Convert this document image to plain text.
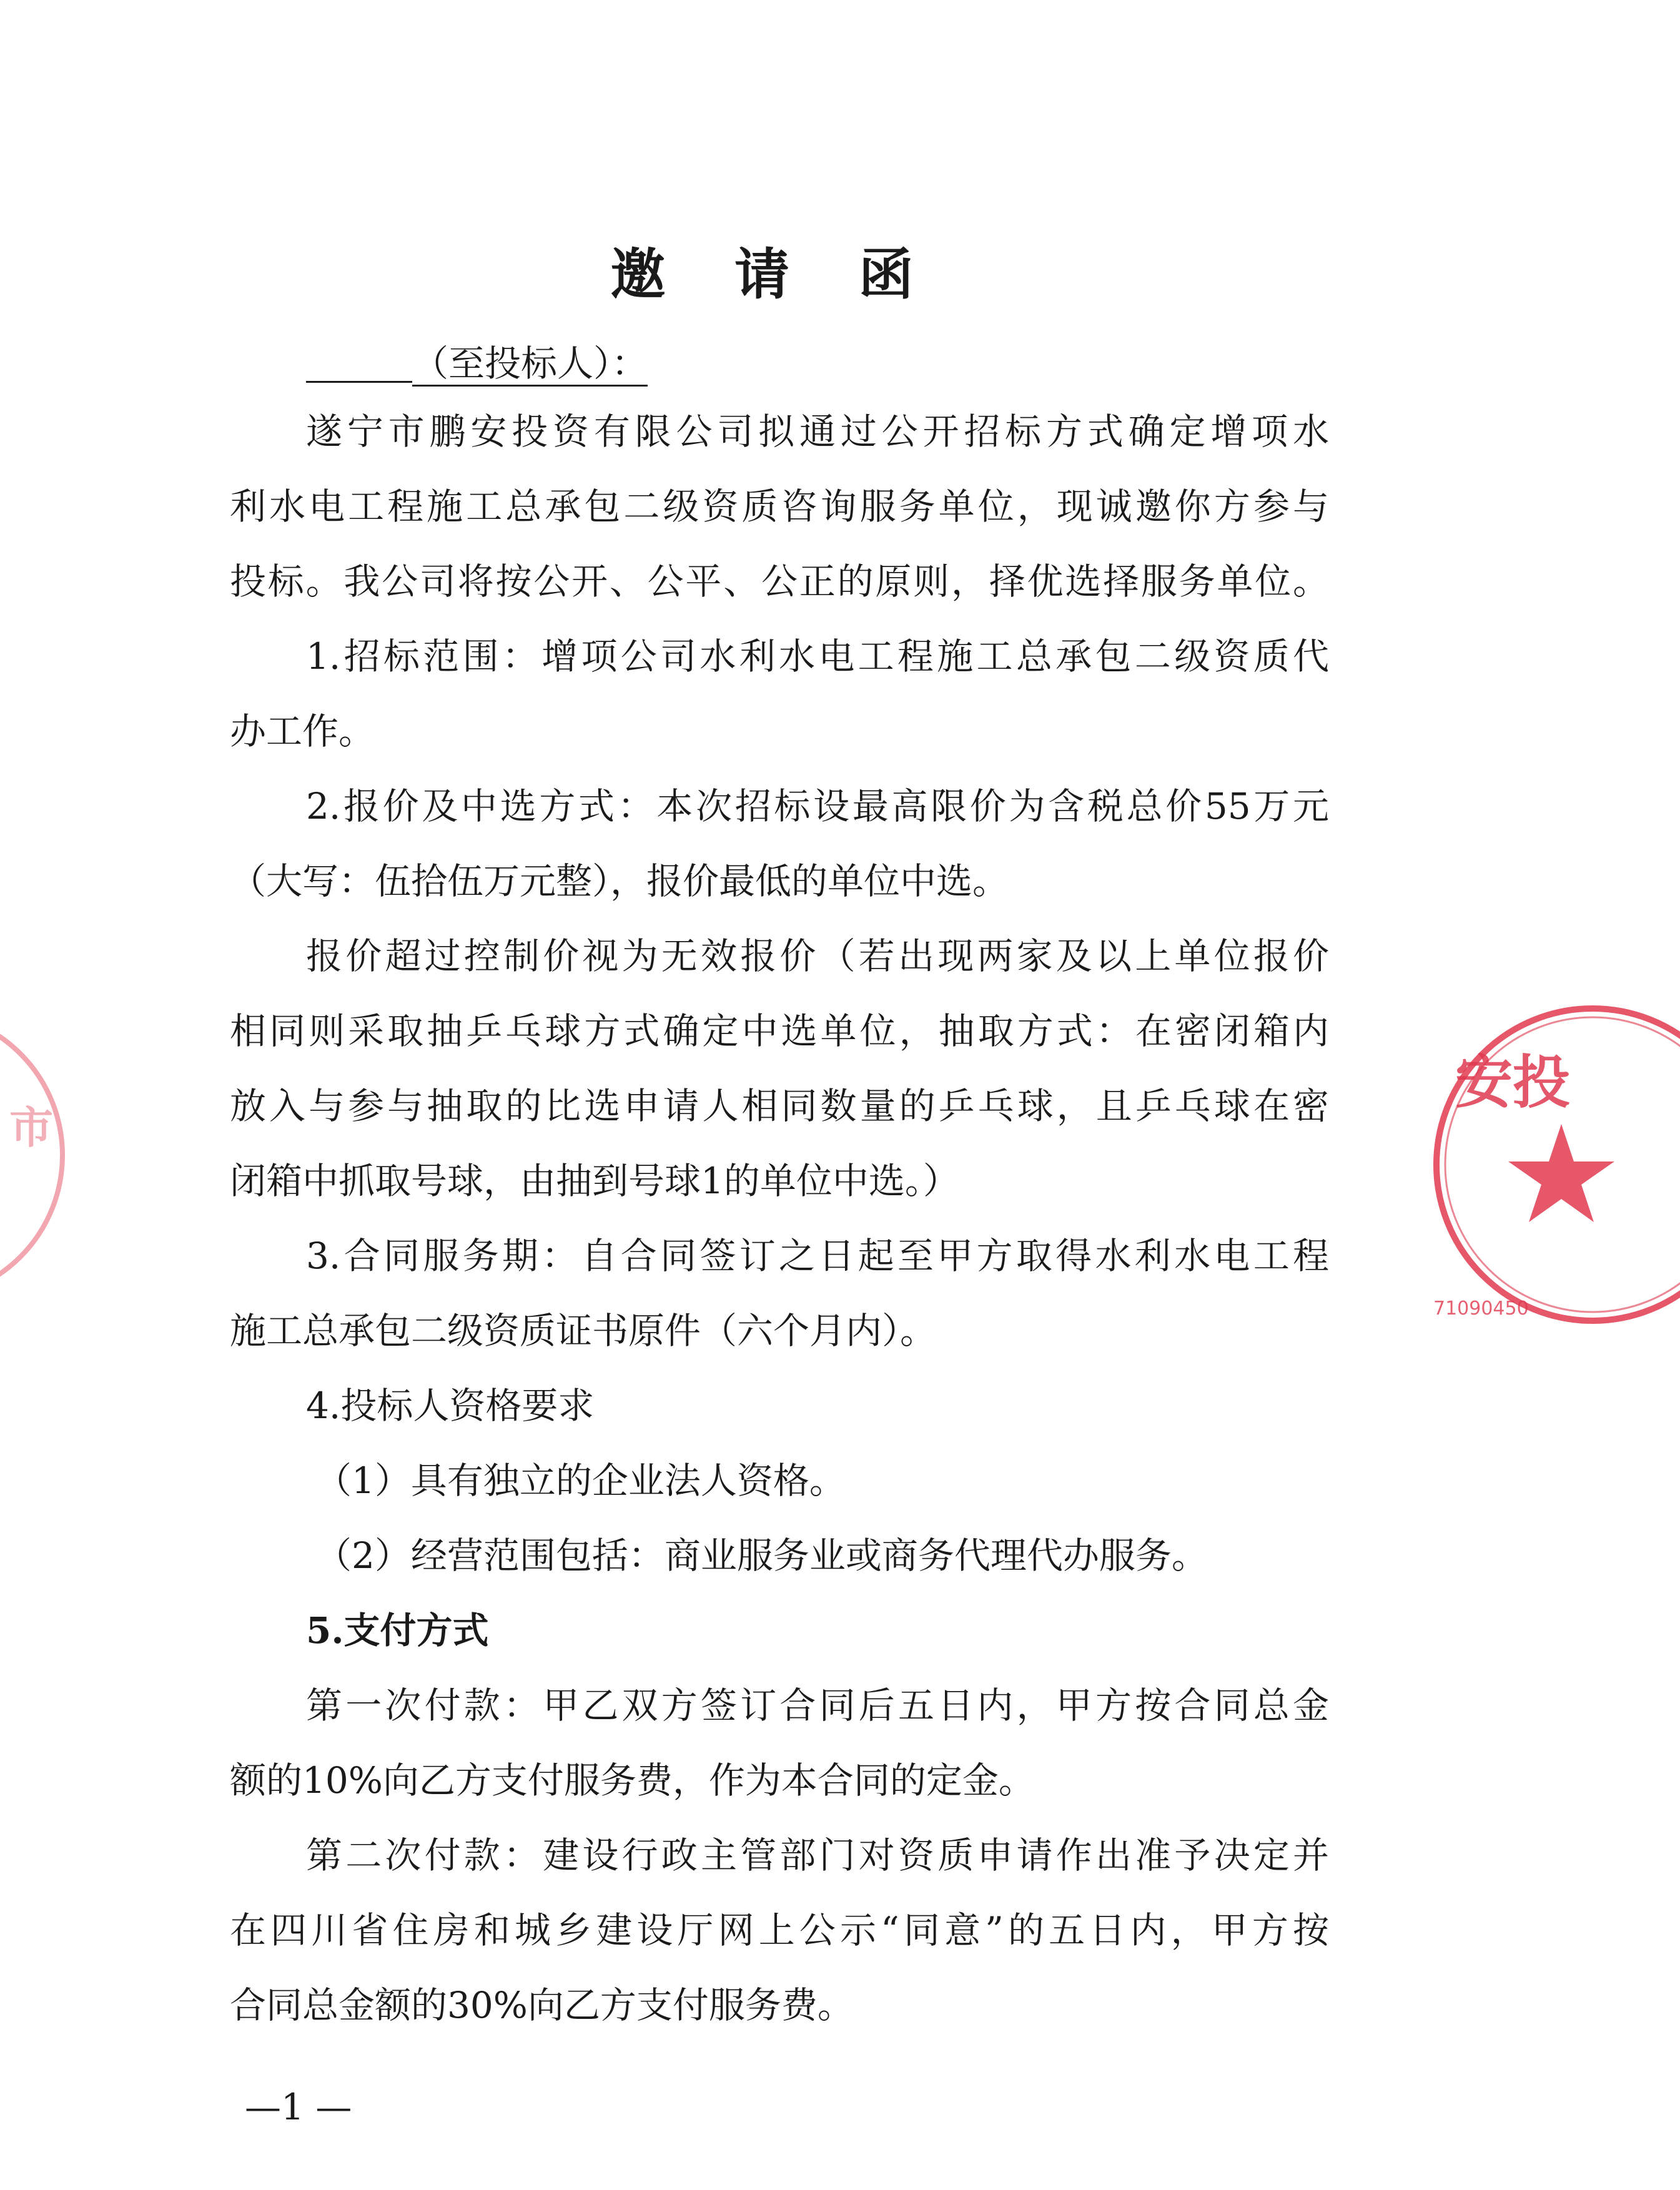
邀 请 函
（至投标人）：
遂宁市鹏安投资有限公司拟通过公开招标方式确定增项水
利水电工程施工总承包二级资质咨询服务单位，现诚邀你方参与
投标。我公司将按公开、公平、公正的原则，择优选择服务单位。
1.招标范围：增项公司水利水电工程施工总承包二级资质代
办工作。
2.报价及中选方式：本次招标设最高限价为含税总价55万元
（大写：伍拾伍万元整），报价最低的单位中选。
报价超过控制价视为无效报价（若出现两家及以上单位报价
相同则采取抽乒乓球方式确定中选单位，抽取方式：在密闭箱内
放入与参与抽取的比选申请人相同数量的乒乓球，且乒乓球在密
闭箱中抓取号球，由抽到号球1的单位中选。）
3.合同服务期：自合同签订之日起至甲方取得水利水电工程
施工总承包二级资质证书原件（六个月内）。
4.投标人资格要求
（1）具有独立的企业法人资格。
（2）经营范围包括：商业服务业或商务代理代办服务。
5.支付方式
第一次付款：甲乙双方签订合同后五日内，甲方按合同总金
额的10%向乙方支付服务费，作为本合同的定金。
第二次付款：建设行政主管部门对资质申请作出准予决定并
在四川省住房和城乡建设厅网上公示“同意”的五日内，甲方按
合同总金额的30%向乙方支付服务费。
—1 —
安投
71090450
市
